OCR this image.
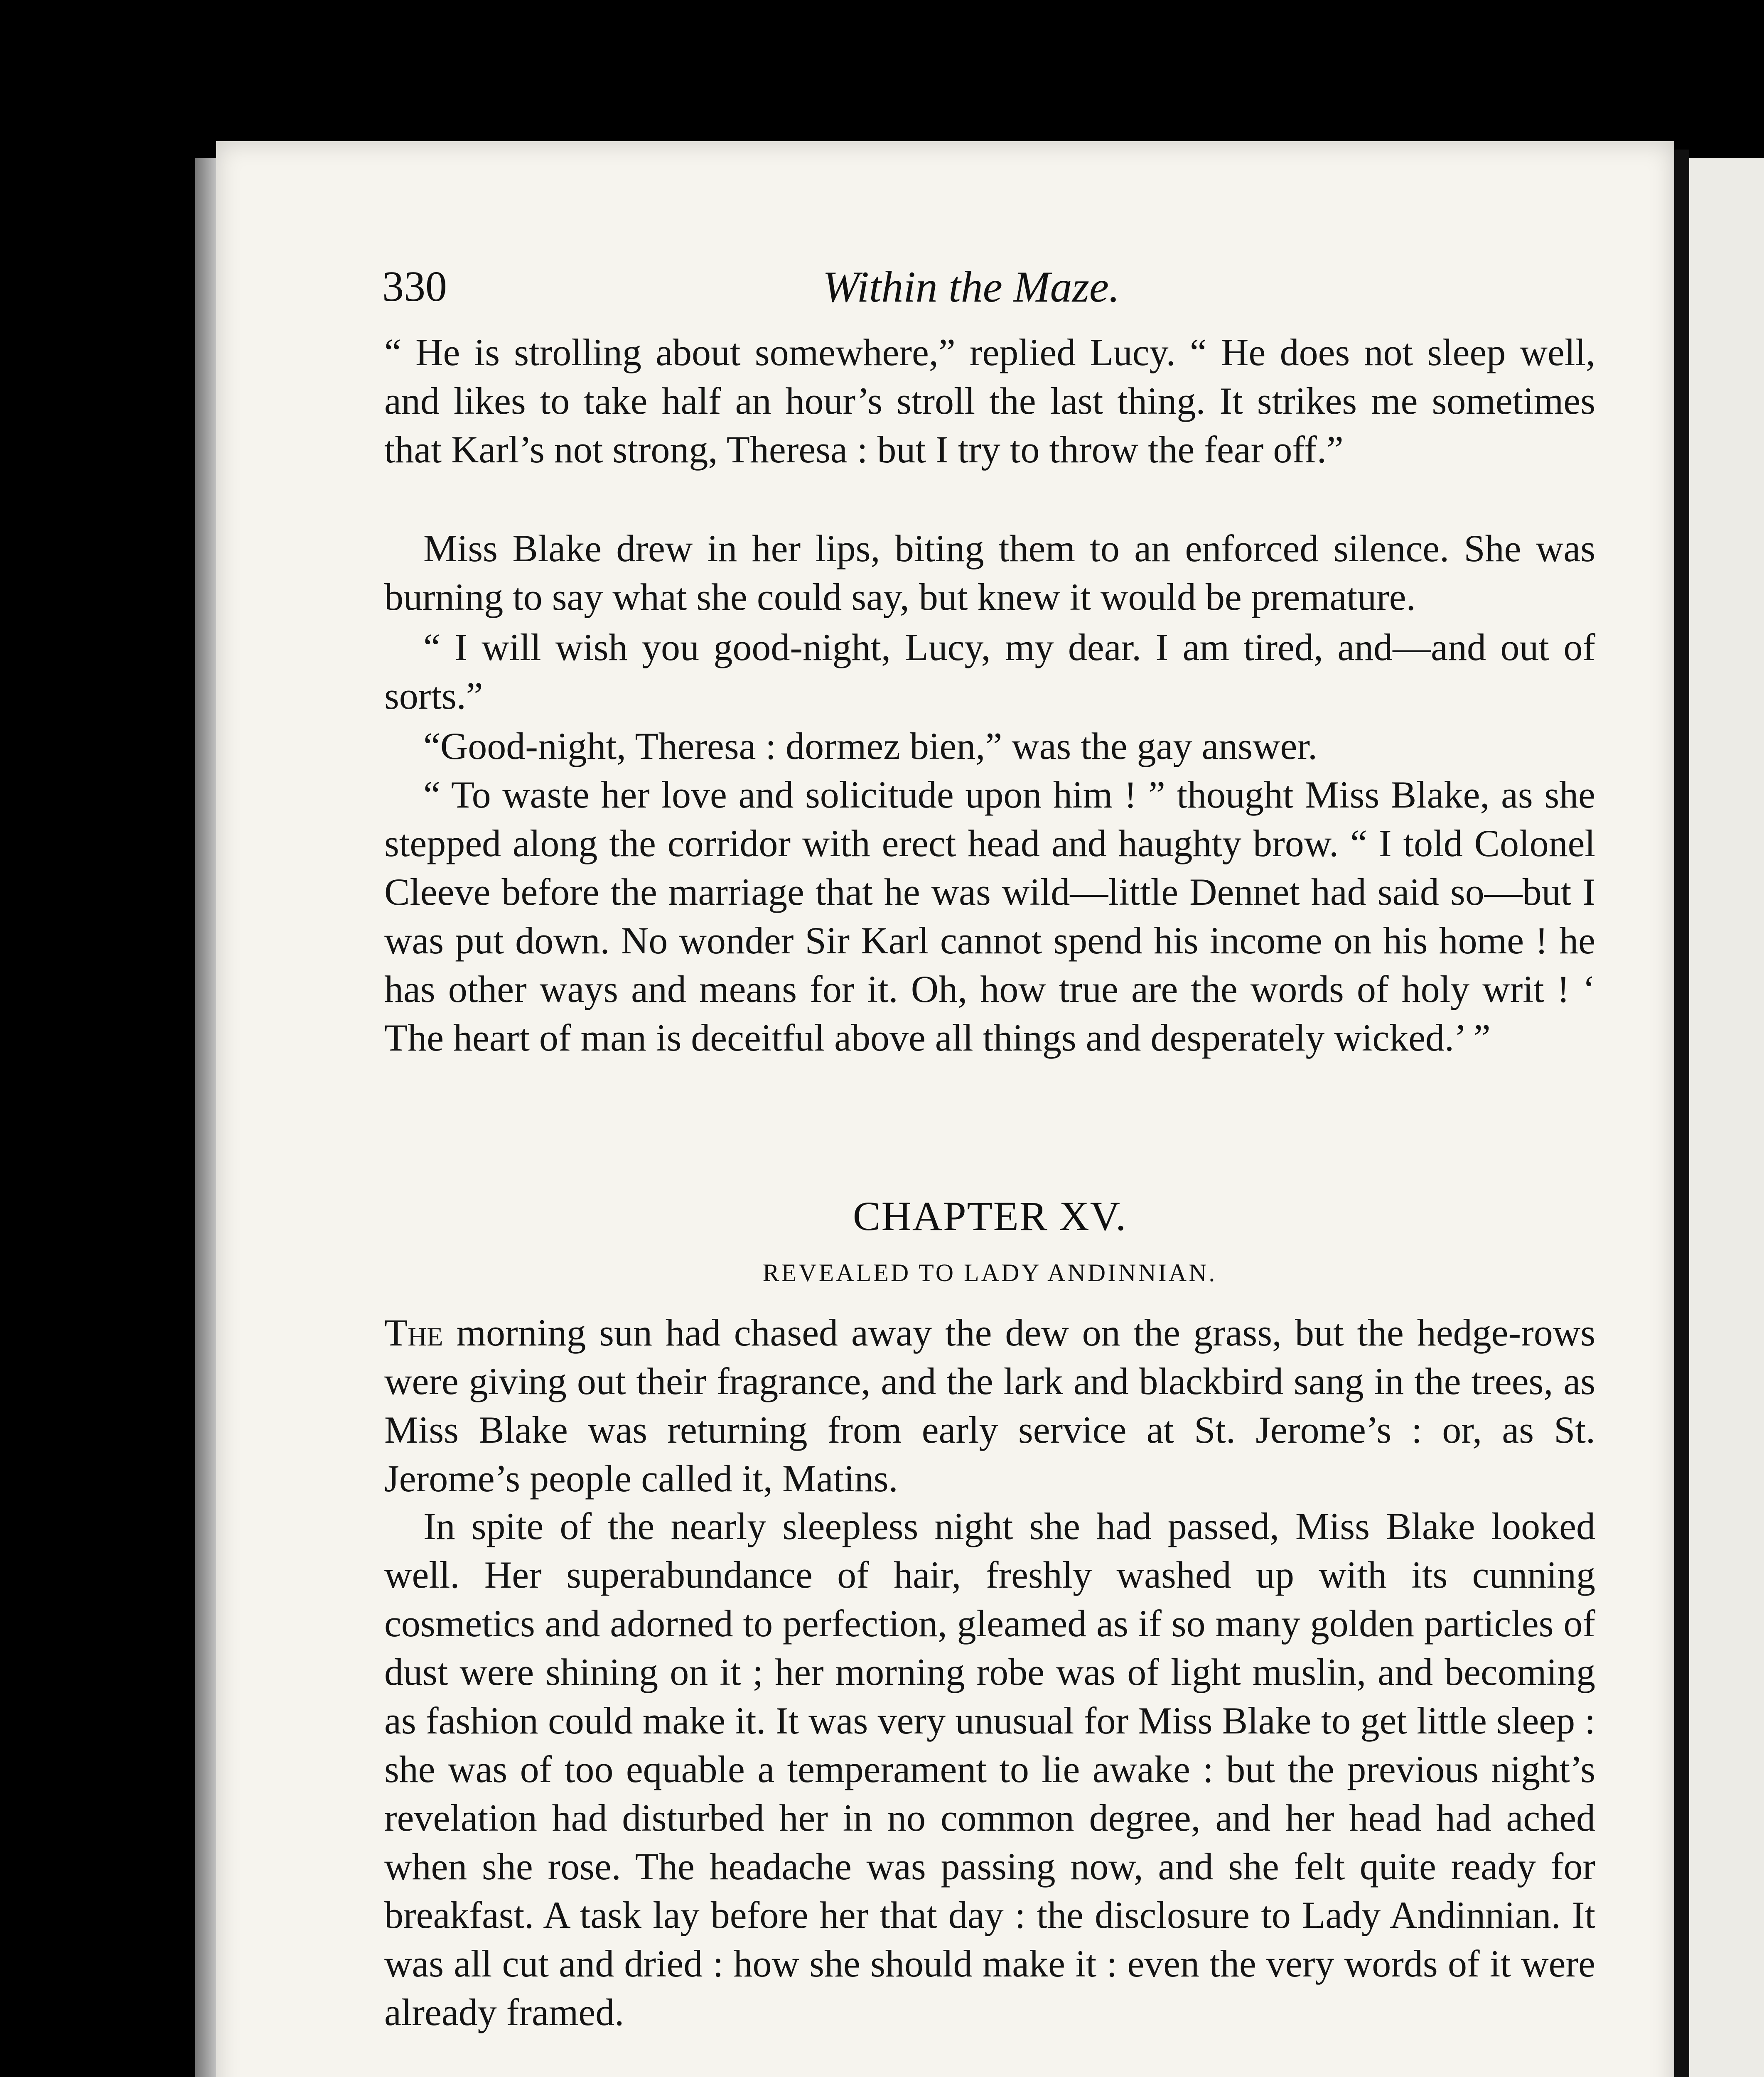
330	Within the Maze.

“ He is strolling about somewhere,” replied Lucy. “ He does not sleep well, and likes to take half an hour’s stroll the last thing. It strikes me sometimes that Karl’s not strong, Theresa : but I try to throw the fear off.”

Miss Blake drew in her lips, biting them to an enforced silence. She was burning to say what she could say, but knew it would be premature.

“ I will wish you good-night, Lucy, my dear. I am tired, and—and out of sorts.”

“Good-night, Theresa : dormez bien,” was the gay answer.

“ To waste her love and solicitude upon him ! ” thought Miss Blake, as she stepped along the corridor with erect head and haughty brow. “ I told Colonel Cleeve before the marriage that he was wild—little Dennet had said so—but I was put down. No wonder Sir Karl cannot spend his income on his home ! he has other ways and means for it. Oh, how true are the words of holy writ ! ‘ The heart of man is deceitful above all things and desperately wicked.’ ”

CHAPTER XV.
REVEALED TO LADY ANDINNIAN.

The morning sun had chased away the dew on the grass, but the hedge-rows were giving out their fragrance, and the lark and blackbird sang in the trees, as Miss Blake was returning from early service at St. Jerome’s : or, as St. Jerome’s people called it, Matins.

In spite of the nearly sleepless night she had passed, Miss Blake looked well. Her superabundance of hair, freshly washed up with its cunning cosmetics and adorned to perfection, gleamed as if so many golden particles of dust were shining on it ; her morning robe was of light muslin, and becoming as fashion could make it. It was very unusual for Miss Blake to get little sleep : she was of too equable a temperament to lie awake : but the previous night’s revelation had disturbed her in no common degree, and her head had ached when she rose. The headache was passing now, and she felt quite ready for breakfast. A task lay before her that day : the disclosure to Lady Andinnian. It was all cut and dried : how she should make it : even the very words of it were already framed.
